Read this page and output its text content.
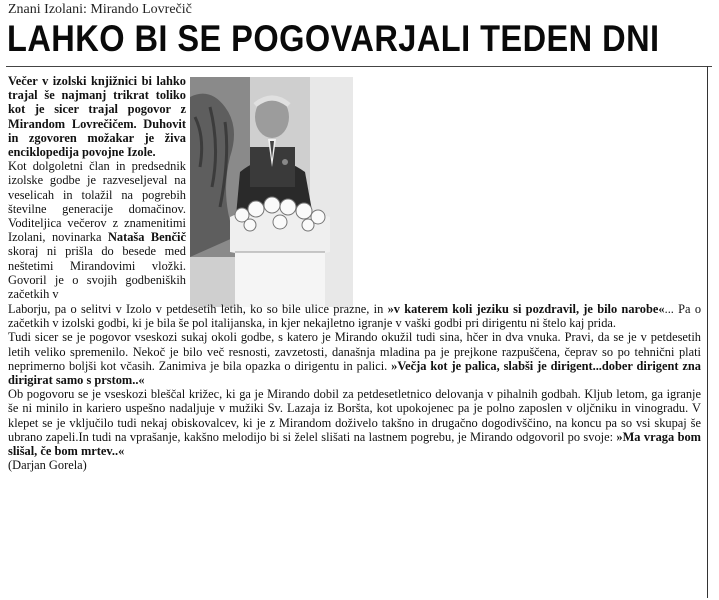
Znani Izolani: Mirando Lovrečič
LAHKO BI SE POGOVARJALI TEDEN DNI

Večer v izolski knjižnici bi lahko trajal še najmanj trikrat toliko kot je sicer trajal pogovor z Mirandom Lovrečičem. Duhovit in zgovoren možakar je živa enciklopedija povojne Izole.

Kot dolgoletni član in predsednik izolske godbe je razveseljeval na veselicah in tolažil na pogrebih številne generacije domačinov. Voditeljica večerov z znamenitimi Izolani, novinarka Nataša Benčič skoraj ni prišla do besede med neštetimi Mirandovimi vložki. Govoril je o svojih godbeniških začetkih v

Laborju, pa o selitvi v Izolo v petdesetih letih, ko so bile ulice prazne, in »v katerem koli jeziku si pozdravil, je bilo narobe«... Pa o začetkih v izolski godbi, ki je bila še pol italijanska, in kjer nekajletno igranje v vaški godbi pri dirigentu ni štelo kaj prida.

Tudi sicer se je pogovor vseskozi sukaj okoli godbe, s katero je Mirando okužil tudi sina, hčer in dva vnuka. Pravi, da se je v petdesetih letih veliko spremenilo. Nekoč je bilo več resnosti, zavzetosti, današnja mladina pa je prejkone razpuščena, čeprav so po tehnični plati neprimerno boljši kot včasih. Zanimiva je bila opazka o dirigentu in palici. »Večja kot je palica, slabši je dirigent...dober dirigent zna dirigirat samo s prstom..«

Ob pogovoru se je vseskozi bleščal križec, ki ga je Mirando dobil za petdesetletnico delovanja v pihalnih godbah. Kljub letom, ga igranje še ni minilo in kariero uspešno nadaljuje v mužiki Sv. Lazaja iz Boršta, kot upokojenec pa je polno zaposlen v oljčniku in vinogradu. V klepet se je vključilo tudi nekaj obiskovalcev, ki je z Mirandom doživelo takšno in drugačno dogodivščino, na koncu pa so vsi skupaj še ubrano zapeli.In tudi na vprašanje, kakšno melodijo bi si želel slišati na lastnem pogrebu, je Mirando odgovoril po svoje: »Ma vraga bom slišal, če bom mrtev..«

(Darjan Gorela)
